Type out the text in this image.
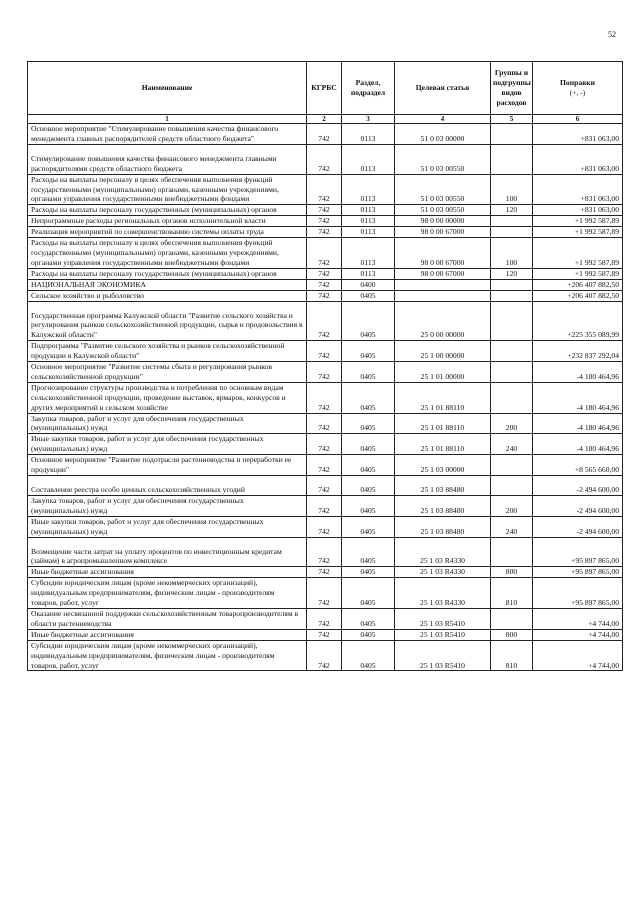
52
Наименование	КГРБС	Раздел, подраздел	Целевая статья	Группы и подгруппы видов расходов	Поправки
(+, -)
1	2	3	4	5	6
Основное мероприятие "Стимулирование повышения качества финансового менеджмента главных распорядителей средств областного бюджета"	742	0113	51 0 03 00000		+831 063,00

Стимулирование повышения качества финансового менеджмента главными распорядителями средств областного бюджета	742	0113	51 0 03 00550		+831 063,00
Расходы на выплаты персоналу в целях обеспечения выполнения функций государственными (муниципальными) органами, казенными учреждениями, органами управления государственными внебюджетными фондами	742	0113	51 0 03 00550	100	+831 063,00
Расходы на выплаты персоналу государственных (муниципальных) органов	742	0113	51 0 03 00550	120	+831 063,00
Непрограммные расходы региональных органов исполнительной власти	742	0113	98 0 00 00000		+1 992 587,89
Реализация мероприятий по совершенствованию системы оплаты труда	742	0113	98 0 00 67000		+1 992 587,89
Расходы на выплаты персоналу в целях обеспечения выполнения функций государственными (муниципальными) органами, казенными учреждениями, органами управления государственными внебюджетными фондами	742	0113	98 0 00 67000	100	+1 992 587,89
Расходы на выплаты персоналу государственных (муниципальных) органов	742	0113	98 0 00 67000	120	+1 992 587,89
НАЦИОНАЛЬНАЯ ЭКОНОМИКА	742	0400			+206 407 882,50
Сельское хозяйство и рыболовство	742	0405			+206 407 882,50

Государственная программа Калужской области "Развитие сельского хозяйства и регулирования рынков сельскохозяйственной продукции, сырья и продовольствия в Калужской области"	742	0405	25 0 00 00000		+225 355 089,99
Подпрограмма "Развитие сельского хозяйства и рынков сельскохозяйственной продукции в Калужской области"	742	0405	25 1 00 00000		+232 837 292,04
Основное мероприятие "Развитие системы сбыта и регулирования рынков сельскохозяйственной продукции"	742	0405	25 1 01 00000		-4 180 464,96
Прогнозирование структуры производства и потребления по основным видам сельскохозяйственной продукции, проведение выставок, ярмарок, конкурсов и других мероприятий в сельском хозяйстве	742	0405	25 1 01 88110		-4 180 464,96
Закупка товаров, работ и услуг для обеспечения государственных (муниципальных) нужд	742	0405	25 1 01 88110	200	-4 180 464,96
Иные закупки товаров, работ и услуг для обеспечения государственных (муниципальных) нужд	742	0405	25 1 01 88110	240	-4 180 464,96
Основное мероприятие "Развитие подотрасли растениеводства и переработки ее продукции"	742	0405	25 1 03 00000		+8 565 660,00

Составление реестра особо ценных сельскохозяйственных угодий	742	0405	25 1 03 88480		-2 494 600,00
Закупка товаров, работ и услуг для обеспечения государственных (муниципальных) нужд	742	0405	25 1 03 88480	200	-2 494 600,00
Иные закупки товаров, работ и услуг для обеспечения государственных (муниципальных) нужд	742	0405	25 1 03 88480	240	-2 494 600,00

Возмещение части затрат на уплату процентов по инвестиционным кредитам (займам) в агропромышленном комплексе	742	0405	25 1 03 R4330		+95 897 865,00
Иные бюджетные ассигнования	742	0405	25 1 03 R4330	800	+95 897 865,00
Субсидии юридическим лицам (кроме некоммерческих организаций), индивидуальным предпринимателям, физическим лицам - производителям товаров, работ, услуг	742	0405	25 1 03 R4330	810	+95 897 865,00
Оказание несвязанной поддержки сельскохозяйственным товаропроизводителям в области растениеводства	742	0405	25 1 03 R5410		+4 744,00
Иные бюджетные ассигнования	742	0405	25 1 03 R5410	800	+4 744,00
Субсидии юридическим лицам (кроме некоммерческих организаций), индивидуальным предпринимателям, физическим лицам - производителям товаров, работ, услуг	742	0405	25 1 03 R5410	810	+4 744,00
